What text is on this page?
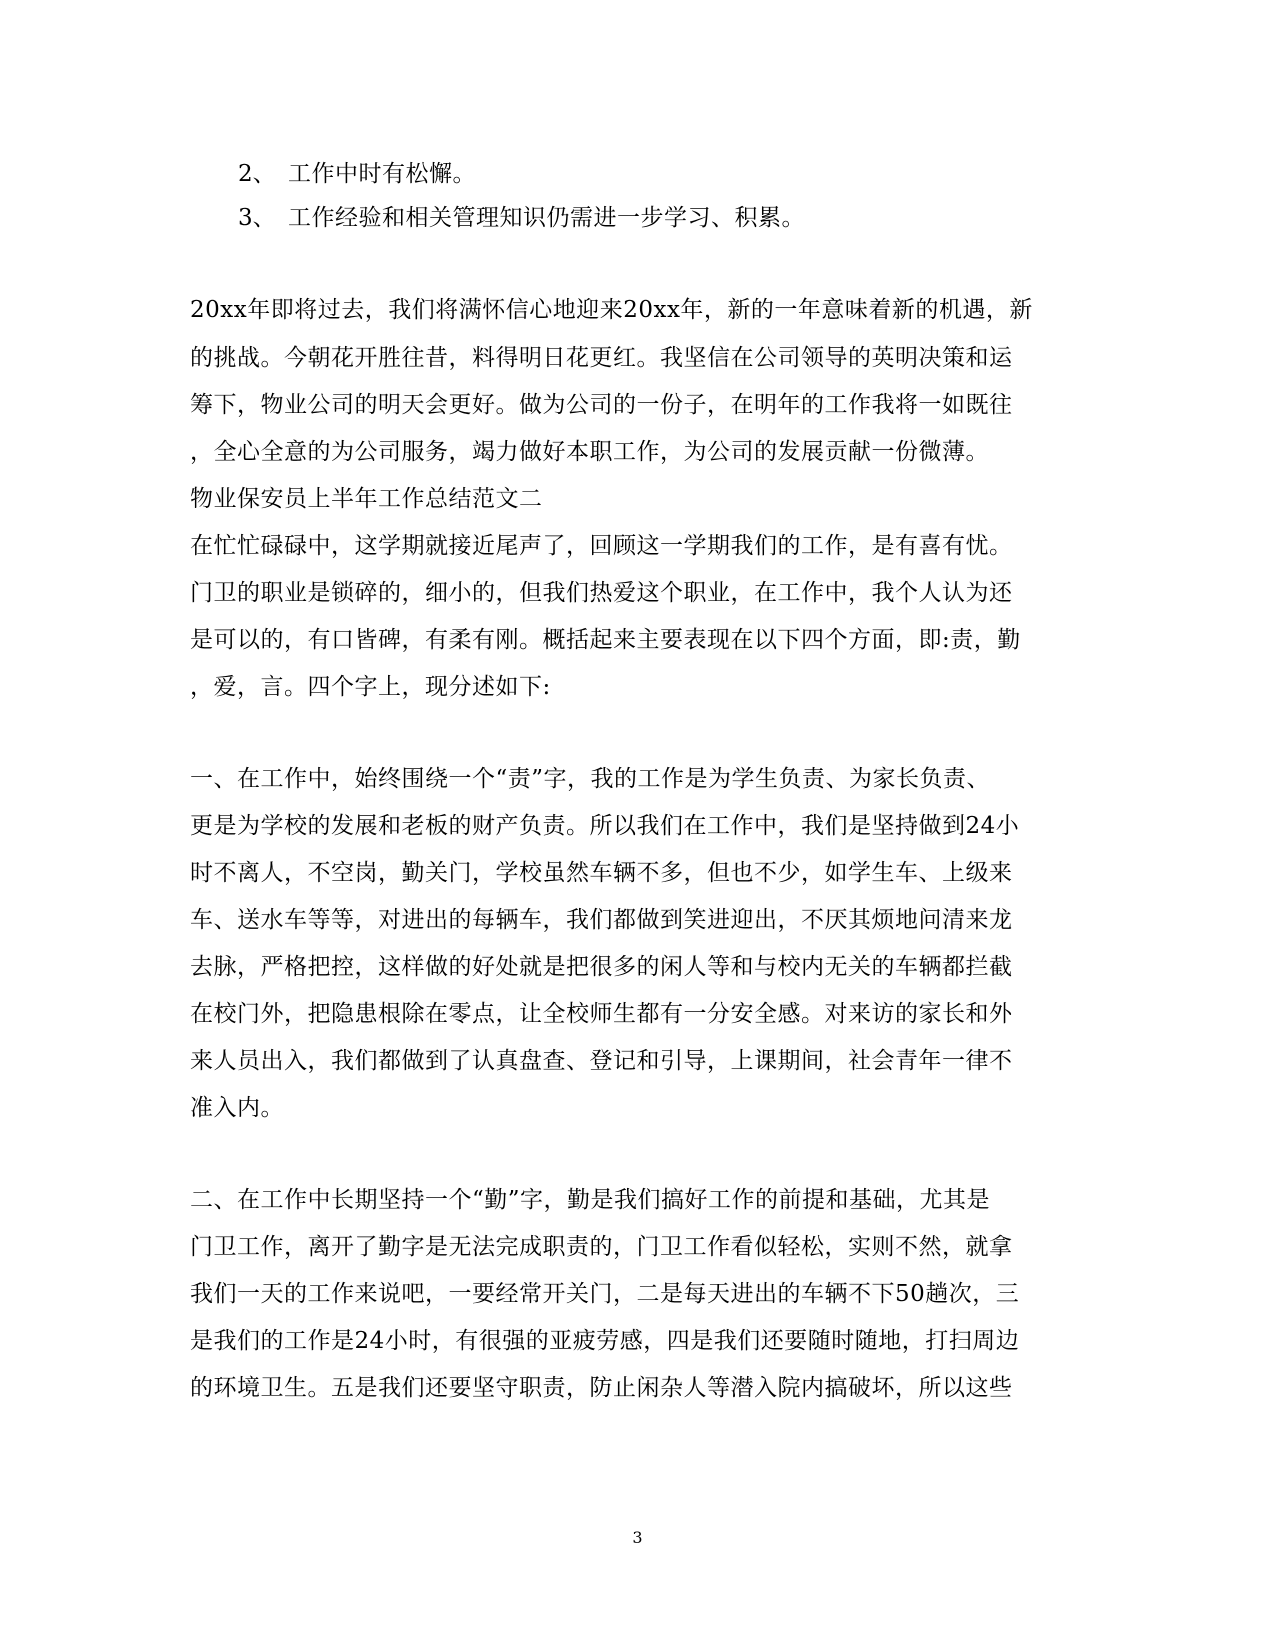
2、 工作中时有松懈。
3、 工作经验和相关管理知识仍需进一步学习、积累。
20xx年即将过去，我们将满怀信心地迎来20xx年，新的一年意味着新的机遇，新
的挑战。今朝花开胜往昔，料得明日花更红。我坚信在公司领导的英明决策和运
筹下，物业公司的明天会更好。做为公司的一份子，在明年的工作我将一如既往
，全心全意的为公司服务，竭力做好本职工作，为公司的发展贡献一份微薄。
物业保安员上半年工作总结范文二
在忙忙碌碌中，这学期就接近尾声了，回顾这一学期我们的工作，是有喜有忧。
门卫的职业是锁碎的，细小的，但我们热爱这个职业，在工作中，我个人认为还
是可以的，有口皆碑，有柔有刚。概括起来主要表现在以下四个方面，即:责，勤
，爱，言。四个字上，现分述如下:
一、在工作中，始终围绕一个“责”字，我的工作是为学生负责、为家长负责、
更是为学校的发展和老板的财产负责。所以我们在工作中，我们是坚持做到24小
时不离人，不空岗，勤关门，学校虽然车辆不多，但也不少，如学生车、上级来
车、送水车等等，对进出的每辆车，我们都做到笑进迎出，不厌其烦地问清来龙
去脉，严格把控，这样做的好处就是把很多的闲人等和与校内无关的车辆都拦截
在校门外，把隐患根除在零点，让全校师生都有一分安全感。对来访的家长和外
来人员出入，我们都做到了认真盘查、登记和引导，上课期间，社会青年一律不
准入内。
二、在工作中长期坚持一个“勤”字，勤是我们搞好工作的前提和基础，尤其是
门卫工作，离开了勤字是无法完成职责的，门卫工作看似轻松，实则不然，就拿
我们一天的工作来说吧，一要经常开关门，二是每天进出的车辆不下50趟次，三
是我们的工作是24小时，有很强的亚疲劳感，四是我们还要随时随地，打扫周边
的环境卫生。五是我们还要坚守职责，防止闲杂人等潜入院内搞破坏，所以这些
3
